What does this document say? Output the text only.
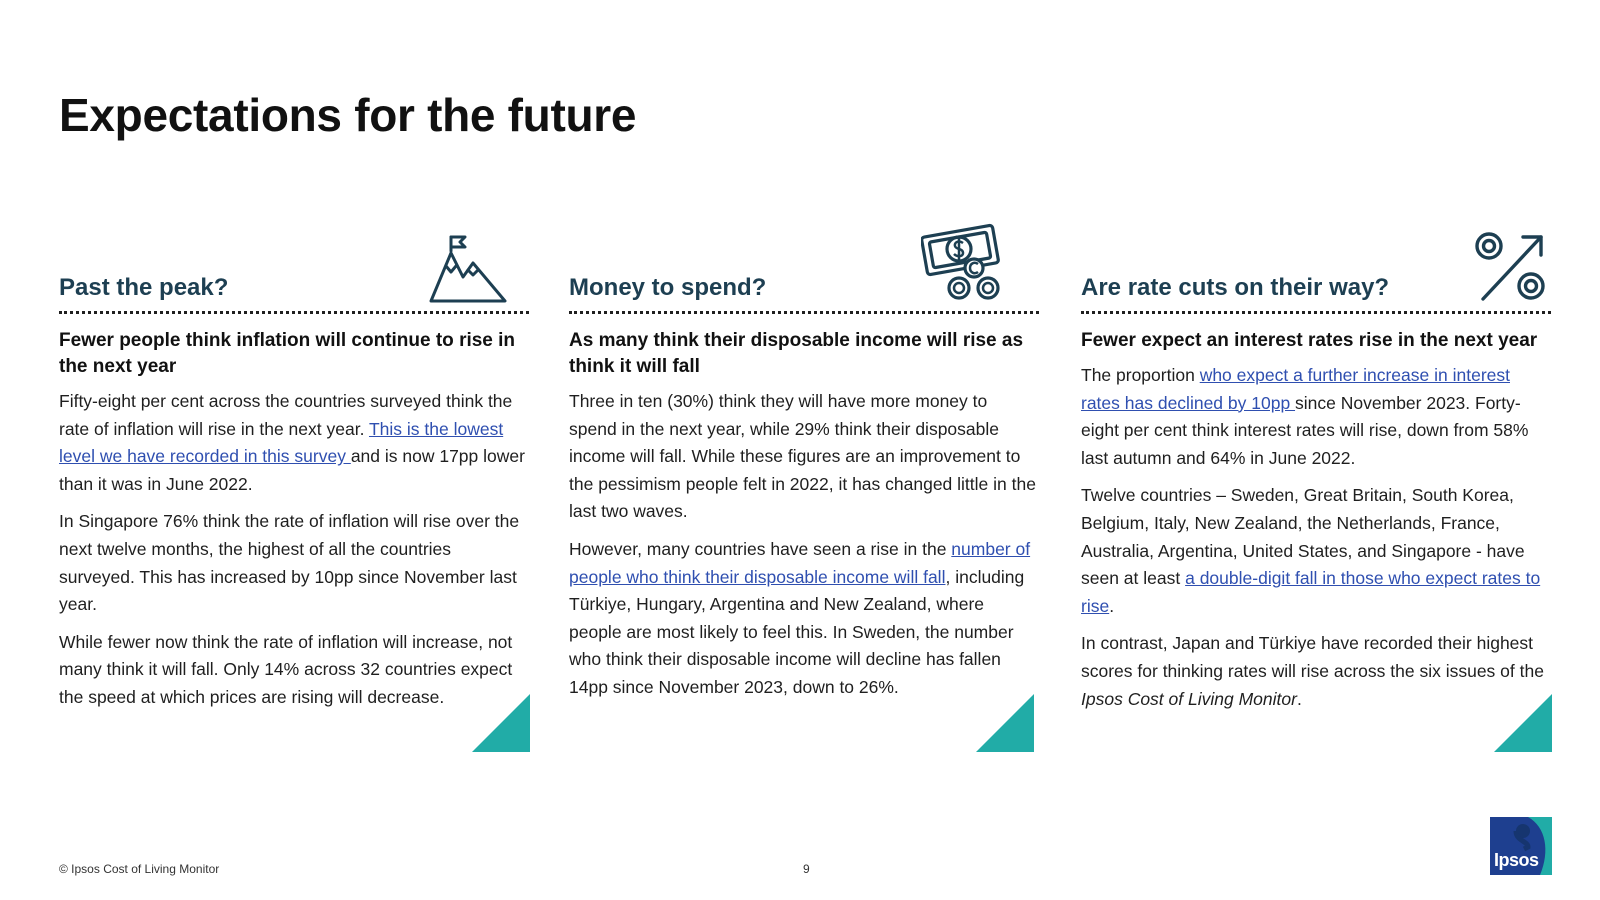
Expectations for the future
Past the peak?
Fewer people think inflation will continue to rise in the next year

Fifty-eight per cent across the countries surveyed think the rate of inflation will rise in the next year. This is the lowest level we have recorded in this survey and is now 17pp lower than it was in June 2022.

In Singapore 76% think the rate of inflation will rise over the next twelve months, the highest of all the countries surveyed. This has increased by 10pp since November last year.

While fewer now think the rate of inflation will increase, not many think it will fall. Only 14% across 32 countries expect the speed at which prices are rising will decrease.

Money to spend?
As many think their disposable income will rise as think it will fall

Three in ten (30%) think they will have more money to spend in the next year, while 29% think their disposable income will fall. While these figures are an improvement to the pessimism people felt in 2022, it has changed little in the last two waves.

However, many countries have seen a rise in the number of people who think their disposable income will fall, including Türkiye, Hungary, Argentina and New Zealand, where people are most likely to feel this. In Sweden, the number who think their disposable income will decline has fallen 14pp since November 2023, down to 26%.

Are rate cuts on their way?
Fewer expect an interest rates rise in the next year

The proportion who expect a further increase in interest rates has declined by 10pp since November 2023. Forty-eight per cent think interest rates will rise, down from 58% last autumn and 64% in June 2022.

Twelve countries – Sweden, Great Britain, South Korea, Belgium, Italy, New Zealand, the Netherlands, France, Australia, Argentina, United States, and Singapore - have seen at least a double-digit fall in those who expect rates to rise.

In contrast, Japan and Türkiye have recorded their highest scores for thinking rates will rise across the six issues of the Ipsos Cost of Living Monitor.

© Ipsos Cost of Living Monitor	9	Ipsos
